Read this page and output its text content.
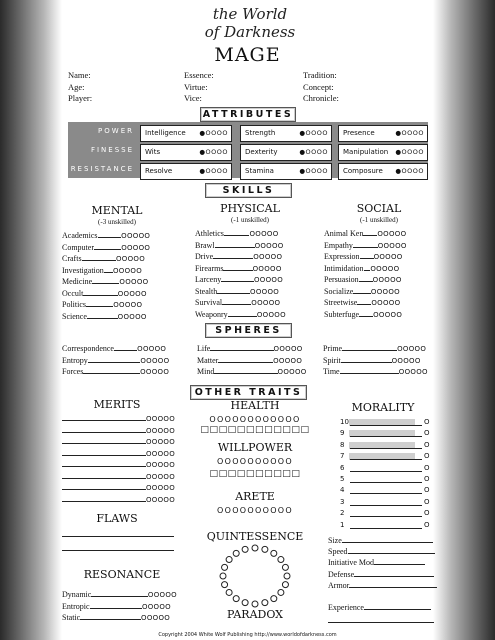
the World
of Darkness
MAGE
Name:
Age:
Player:
Essence:
Virtue:
Vice:
Tradition:
Concept:
Chronicle:
ATTRIBUTES
SKILLS
MENTAL
(-3 unskilled)
PHYSICAL
(-1 unskilled)
SOCIAL
(-1 unskilled)
SPHERES
OTHER TRAITS
MERITS
FLAWS
RESONANCE
HEALTH
OOOOOOOOOOOO
□□□□□□□□□□□□
WILLPOWER
OOOOOOOOOO
□□□□□□□□□□
ARETE
OOOOOOOOOO
QUINTESSENCE
PARADOX
MORALITY
Copyright 2004 White Wolf Publishing http://www.worldofdarkness.com
POWER Intelligence ●OOOO Strength	●OOOO Presence	●OOOO
FINESSE Wits	●OOOO Dexterity	●OOOO Manipulation ●OOOO
RESISTANCE Resolve	●OOOO Stamina	●OOOO Composure ●OOOO
Academics	OOOOO
Computer	OOOOO
Crafts	OOOOO
Investigation OOOOO
Medicine	OOOOO
Occult	OOOOO
Politics	OOOOO
Science	OOOOO
Athletics	OOOOO
Brawl	OOOOO
Drive	OOOOO
Firearms	OOOOO
Larceny	OOOOO
Stealth	OOOOO
Survival	OOOOO
Weaponry	OOOOO
Animal Ken OOOOO
Empathy	OOOOO
Expression OOOOO
Intimidation OOOOO
Persuasion OOOOO
Socialize	OOOOO
Streetwise OOOOO
Subterfuge OOOOO
Correspondence	OOOOO
Entropy	OOOOO
Forces	OOOOO
Life	OOOOO
Matter	OOOOO
Mind	OOOOO
Prime	OOOOO
Spirit	OOOOO
Time	OOOOO
OOOOO
OOOOO
OOOOO
OOOOO
OOOOO
OOOOO
OOOOO
OOOOO
Dynamic	OOOOO
Entropic	OOOOO
Static	OOOOO
10	O
9	O
8	O
7	O
6	O
5	O
4	O
3	O
2	O
1	O
Size
Speed
Initiative Mod
Defense
Armor
Experience
